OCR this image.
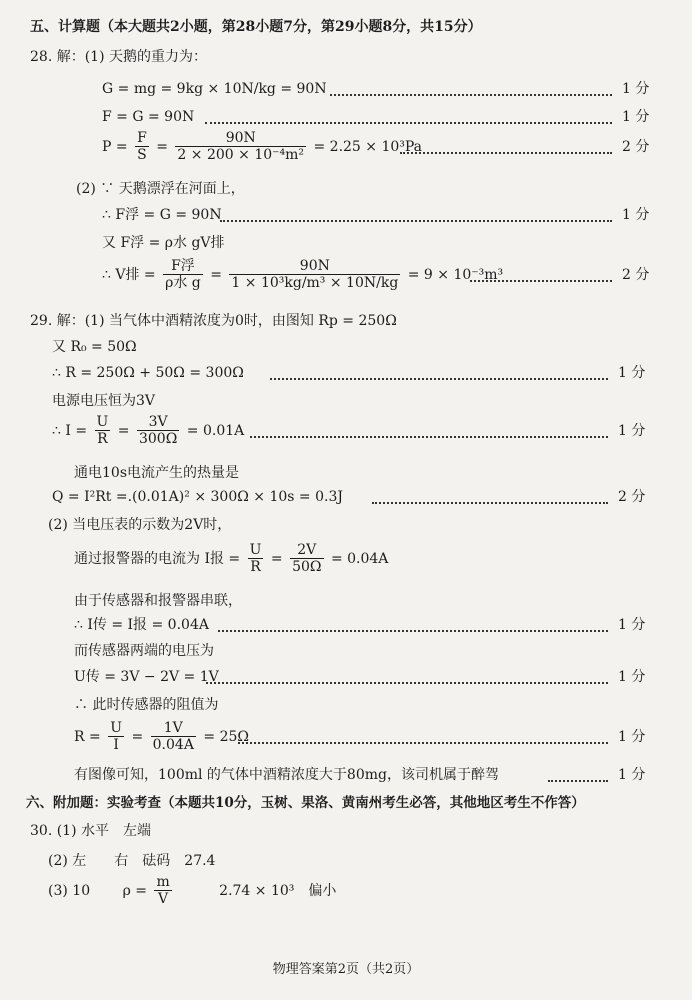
五、计算题（本大题共2小题，第28小题7分，第29小题8分，共15分）
28. 解：(1) 天鹅的重力为：
G = mg = 9kg × 10N/kg = 90N	1 分
F = G = 90N	1 分
$P = \frac{F}{S} = \frac{90N}{\text{2 × 200 × 10⁻⁴m²}} = 2.25 \times 10^3Pa$	2 分
(2) ∵ 天鹅漂浮在河面上，
∴ F浮 = G = 90N	1 分
又 F浮 = ρ水 gV排
∴ V排 = $\frac{\text{F浮}}{\text{ρ水 g}} = \frac{90N}{\text{1 × 10³kg/m³ × 10N/kg}} = 9 \times 10^{-3}m^3$	2 分
29. 解：(1) 当气体中酒精浓度为0时，由图知 Rp = 250Ω
又 R₀ = 50Ω
∴ R = 250Ω + 50Ω = 300Ω	1 分
电源电压恒为3V
∴ $I = \frac{U}{R} = \frac{3V}{300\Omega} = 0.01A$	1 分
通电10s电流产生的热量是
Q = I²Rt =.(0.01A)² × 300Ω × 10s = 0.3J	2 分
(2) 当电压表的示数为2V时，
通过报警器的电流为 I报 = $\frac{U}{R} = \frac{2V}{50\Omega} = 0.04A$
由于传感器和报警器串联，
∴ I传 = I报 = 0.04A	1 分
而传感器两端的电压为
U传 = 3V − 2V = 1V	1 分
∴ 此时传感器的阻值为
$R = \frac{U}{I} = \frac{1V}{0.04A} = 25\Omega$	1 分
有图像可知，100ml 的气体中酒精浓度大于80mg，该司机属于醉驾	1 分
六、附加题：实验考查（本题共10分，玉树、果洛、黄南州考生必答，其他地区考生不作答）
30. (1) 水平　左端
(2) 左　　右　砝码　27.4
(3) 10 $\rho = \frac{m}{V}$	2.74 × 10³　偏小
物理答案第2页（共2页）
